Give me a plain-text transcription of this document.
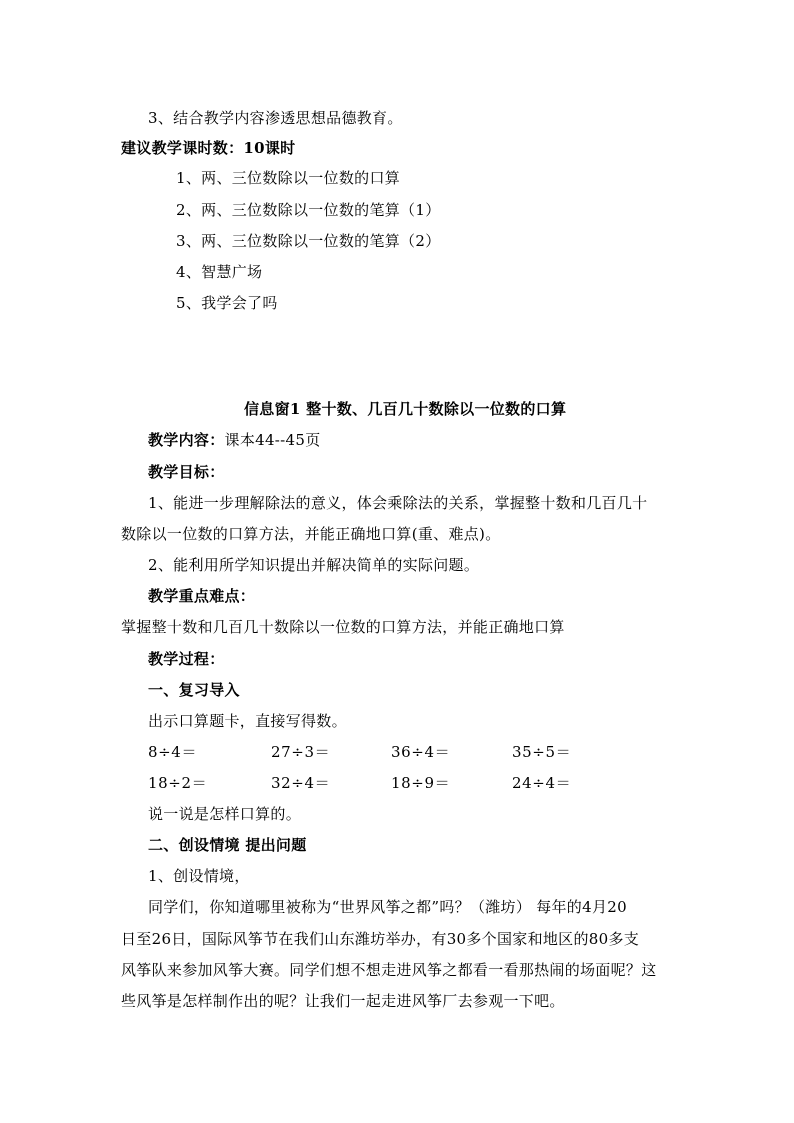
3、结合教学内容渗透思想品德教育。
建议教学课时数：10课时
1、两、三位数除以一位数的口算
2、两、三位数除以一位数的笔算（1）
3、两、三位数除以一位数的笔算（2）
4、智慧广场
5、我学会了吗
信息窗1 整十数、几百几十数除以一位数的口算
教学内容：课本44--45页
教学目标：
1、能进一步理解除法的意义，体会乘除法的关系，掌握整十数和几百几十
数除以一位数的口算方法，并能正确地口算(重、难点)。
2、能利用所学知识提出并解决简单的实际问题。
教学重点难点：
掌握整十数和几百几十数除以一位数的口算方法，并能正确地口算
教学过程：
一、复习导入
出示口算题卡，直接写得数。
8÷4＝	27÷3＝	36÷4＝	35÷5＝
18÷2＝	32÷4＝	18÷9＝	24÷4＝
说一说是怎样口算的。
二、创设情境 提出问题
1、创设情境，
同学们，你知道哪里被称为“世界风筝之都”吗？（潍坊） 每年的4月20
日至26日，国际风筝节在我们山东潍坊举办，有30多个国家和地区的80多支
风筝队来参加风筝大赛。同学们想不想走进风筝之都看一看那热闹的场面呢？这
些风筝是怎样制作出的呢？让我们一起走进风筝厂去参观一下吧。
